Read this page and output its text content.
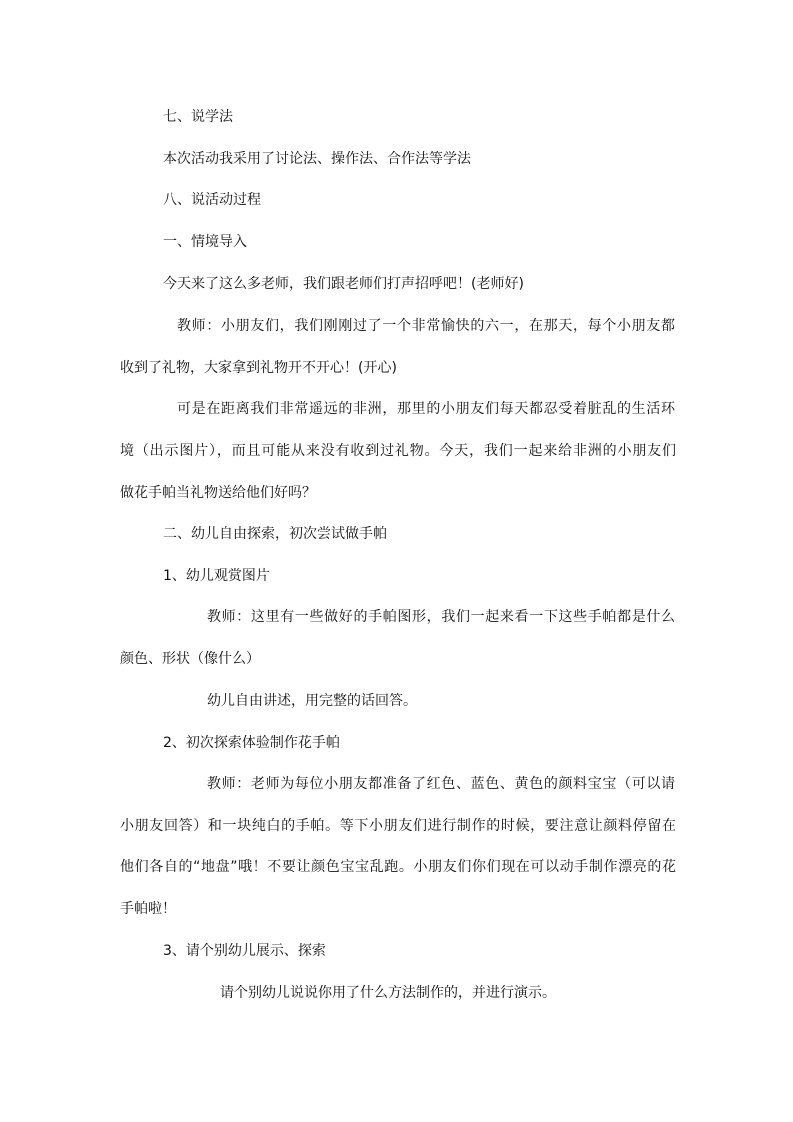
七、说学法
本次活动我采用了讨论法、操作法、合作法等学法
八、说活动过程
一、情境导入
今天来了这么多老师，我们跟老师们打声招呼吧！(老师好)
教师：小朋友们，我们刚刚过了一个非常愉快的六一，在那天，每个小朋友都
收到了礼物，大家拿到礼物开不开心！(开心)
可是在距离我们非常遥远的非洲，那里的小朋友们每天都忍受着脏乱的生活环
境（出示图片），而且可能从来没有收到过礼物。今天，我们一起来给非洲的小朋友们
做花手帕当礼物送给他们好吗？
二、幼儿自由探索，初次尝试做手帕
1、幼儿观赏图片
教师：这里有一些做好的手帕图形，我们一起来看一下这些手帕都是什么
颜色、形状（像什么）
幼儿自由讲述，用完整的话回答。
2、初次探索体验制作花手帕
教师：老师为每位小朋友都准备了红色、蓝色、黄色的颜料宝宝（可以请
小朋友回答）和一块纯白的手帕。等下小朋友们进行制作的时候，要注意让颜料停留在
他们各自的“地盘”哦！不要让颜色宝宝乱跑。小朋友们你们现在可以动手制作漂亮的花
手帕啦！
3、请个别幼儿展示、探索
请个别幼儿说说你用了什么方法制作的，并进行演示。
